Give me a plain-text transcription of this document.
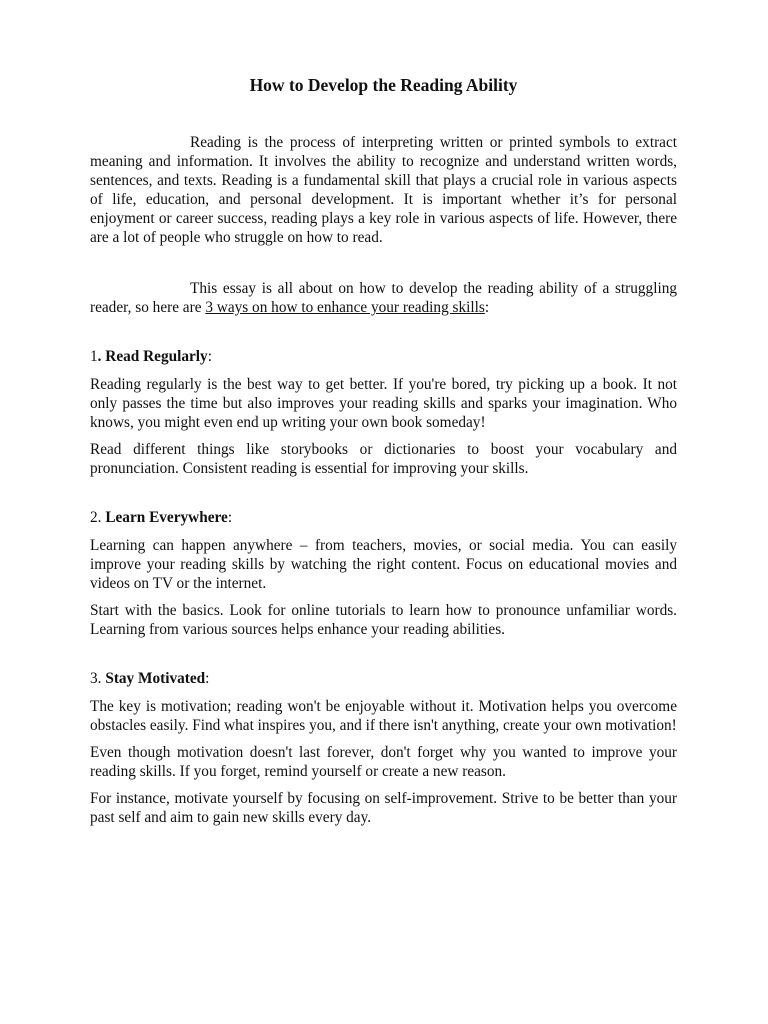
How to Develop the Reading Ability

Reading is the process of interpreting written or printed symbols to extract meaning and information. It involves the ability to recognize and understand written words, sentences, and texts. Reading is a fundamental skill that plays a crucial role in various aspects of life, education, and personal development. It is important whether it’s for personal enjoyment or career success, reading plays a key role in various aspects of life. However, there are a lot of people who struggle on how to read.

This essay is all about on how to develop the reading ability of a struggling reader, so here are 3 ways on how to enhance your reading skills:

1. Read Regularly:

Reading regularly is the best way to get better. If you're bored, try picking up a book. It not only passes the time but also improves your reading skills and sparks your imagination. Who knows, you might even end up writing your own book someday!

Read different things like storybooks or dictionaries to boost your vocabulary and pronunciation. Consistent reading is essential for improving your skills.

2. Learn Everywhere:

Learning can happen anywhere – from teachers, movies, or social media. You can easily improve your reading skills by watching the right content. Focus on educational movies and videos on TV or the internet.

Start with the basics. Look for online tutorials to learn how to pronounce unfamiliar words. Learning from various sources helps enhance your reading abilities.

3. Stay Motivated:

The key is motivation; reading won't be enjoyable without it. Motivation helps you overcome obstacles easily. Find what inspires you, and if there isn't anything, create your own motivation!

Even though motivation doesn't last forever, don't forget why you wanted to improve your reading skills. If you forget, remind yourself or create a new reason.

For instance, motivate yourself by focusing on self-improvement. Strive to be better than your past self and aim to gain new skills every day.
